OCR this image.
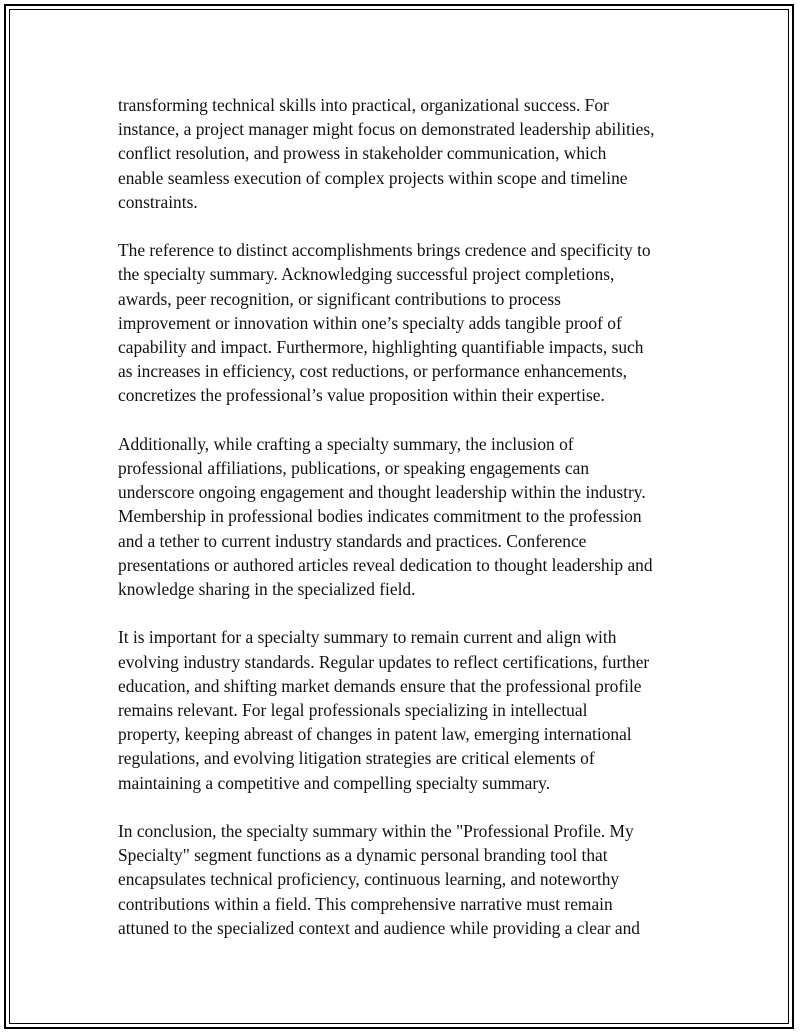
transforming technical skills into practical, organizational success. For
instance, a project manager might focus on demonstrated leadership abilities,
conflict resolution, and prowess in stakeholder communication, which
enable seamless execution of complex projects within scope and timeline
constraints.

The reference to distinct accomplishments brings credence and specificity to
the specialty summary. Acknowledging successful project completions,
awards, peer recognition, or significant contributions to process
improvement or innovation within one’s specialty adds tangible proof of
capability and impact. Furthermore, highlighting quantifiable impacts, such
as increases in efficiency, cost reductions, or performance enhancements,
concretizes the professional’s value proposition within their expertise.

Additionally, while crafting a specialty summary, the inclusion of
professional affiliations, publications, or speaking engagements can
underscore ongoing engagement and thought leadership within the industry.
Membership in professional bodies indicates commitment to the profession
and a tether to current industry standards and practices. Conference
presentations or authored articles reveal dedication to thought leadership and
knowledge sharing in the specialized field.

It is important for a specialty summary to remain current and align with
evolving industry standards. Regular updates to reflect certifications, further
education, and shifting market demands ensure that the professional profile
remains relevant. For legal professionals specializing in intellectual
property, keeping abreast of changes in patent law, emerging international
regulations, and evolving litigation strategies are critical elements of
maintaining a competitive and compelling specialty summary.

In conclusion, the specialty summary within the "Professional Profile. My
Specialty" segment functions as a dynamic personal branding tool that
encapsulates technical proficiency, continuous learning, and noteworthy
contributions within a field. This comprehensive narrative must remain
attuned to the specialized context and audience while providing a clear and
